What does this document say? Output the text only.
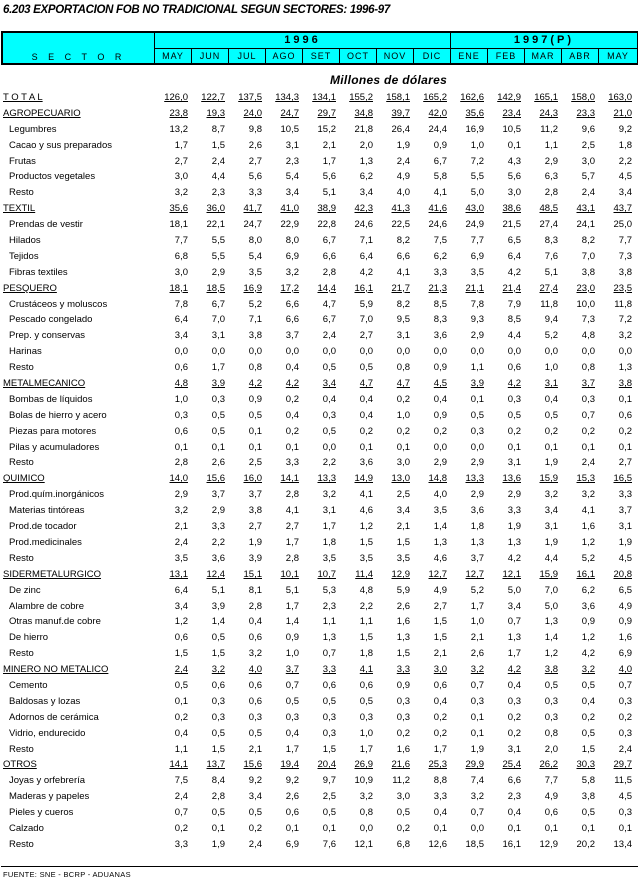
6.203 EXPORTACION FOB NO TRADICIONAL SEGUN SECTORES: 1996-97
S E C T O R
1996
MAY	JUN	JUL	AGO	SET	OCT	NOV	DIC
1997(P)
ENE	FEB	MAR	ABR	MAY
Millones de dólares
T O T A L	126,0	122,7	137,5	134,3	134,1	155,2	158,1	165,2	162,6	142,9	165,1	158,0	163,0
AGROPECUARIO	23,8	19,3	24,0	24,7	29,7	34,8	39,7	42,0	35,6	23,4	24,3	23,3	21,0
Legumbres	13,2	8,7	9,8	10,5	15,2	21,8	26,4	24,4	16,9	10,5	11,2	9,6	9,2
Cacao y sus preparados	1,7	1,5	2,6	3,1	2,1	2,0	1,9	0,9	1,0	0,1	1,1	2,5	1,8
Frutas	2,7	2,4	2,7	2,3	1,7	1,3	2,4	6,7	7,2	4,3	2,9	3,0	2,2
Productos vegetales	3,0	4,4	5,6	5,4	5,6	6,2	4,9	5,8	5,5	5,6	6,3	5,7	4,5
Resto	3,2	2,3	3,3	3,4	5,1	3,4	4,0	4,1	5,0	3,0	2,8	2,4	3,4
TEXTIL	35,6	36,0	41,7	41,0	38,9	42,3	41,3	41,6	43,0	38,6	48,5	43,1	43,7
Prendas de vestir	18,1	22,1	24,7	22,9	22,8	24,6	22,5	24,6	24,9	21,5	27,4	24,1	25,0
Hilados	7,7	5,5	8,0	8,0	6,7	7,1	8,2	7,5	7,7	6,5	8,3	8,2	7,7
Tejidos	6,8	5,5	5,4	6,9	6,6	6,4	6,6	6,2	6,9	6,4	7,6	7,0	7,3
Fibras textiles	3,0	2,9	3,5	3,2	2,8	4,2	4,1	3,3	3,5	4,2	5,1	3,8	3,8
PESQUERO	18,1	18,5	16,9	17,2	14,4	16,1	21,7	21,3	21,1	21,4	27,4	23,0	23,5
Crustáceos y moluscos	7,8	6,7	5,2	6,6	4,7	5,9	8,2	8,5	7,8	7,9	11,8	10,0	11,8
Pescado congelado	6,4	7,0	7,1	6,6	6,7	7,0	9,5	8,3	9,3	8,5	9,4	7,3	7,2
Prep. y conservas	3,4	3,1	3,8	3,7	2,4	2,7	3,1	3,6	2,9	4,4	5,2	4,8	3,2
Harinas	0,0	0,0	0,0	0,0	0,0	0,0	0,0	0,0	0,0	0,0	0,0	0,0	0,0
Resto	0,6	1,7	0,8	0,4	0,5	0,5	0,8	0,9	1,1	0,6	1,0	0,8	1,3
METALMECANICO	4,8	3,9	4,2	4,2	3,4	4,7	4,7	4,5	3,9	4,2	3,1	3,7	3,8
Bombas de líquidos	1,0	0,3	0,9	0,2	0,4	0,4	0,2	0,4	0,1	0,3	0,4	0,3	0,1
Bolas de hierro y acero	0,3	0,5	0,5	0,4	0,3	0,4	1,0	0,9	0,5	0,5	0,5	0,7	0,6
Piezas para motores	0,6	0,5	0,1	0,2	0,5	0,2	0,2	0,2	0,3	0,2	0,2	0,2	0,2
Pilas y acumuladores	0,1	0,1	0,1	0,1	0,0	0,1	0,1	0,0	0,0	0,1	0,1	0,1	0,1
Resto	2,8	2,6	2,5	3,3	2,2	3,6	3,0	2,9	2,9	3,1	1,9	2,4	2,7
QUIMICO	14,0	15,6	16,0	14,1	13,3	14,9	13,0	14,8	13,3	13,6	15,9	15,3	16,5
Prod.quím.inorgánicos	2,9	3,7	3,7	2,8	3,2	4,1	2,5	4,0	2,9	2,9	3,2	3,2	3,3
Materias tintóreas	3,2	2,9	3,8	4,1	3,1	4,6	3,4	3,5	3,6	3,3	3,4	4,1	3,7
Prod.de tocador	2,1	3,3	2,7	2,7	1,7	1,2	2,1	1,4	1,8	1,9	3,1	1,6	3,1
Prod.medicinales	2,4	2,2	1,9	1,7	1,8	1,5	1,5	1,3	1,3	1,3	1,9	1,2	1,9
Resto	3,5	3,6	3,9	2,8	3,5	3,5	3,5	4,6	3,7	4,2	4,4	5,2	4,5
SIDERMETALURGICO	13,1	12,4	15,1	10,1	10,7	11,4	12,9	12,7	12,7	12,1	15,9	16,1	20,8
De zinc	6,4	5,1	8,1	5,1	5,3	4,8	5,9	4,9	5,2	5,0	7,0	6,2	6,5
Alambre de cobre	3,4	3,9	2,8	1,7	2,3	2,2	2,6	2,7	1,7	3,4	5,0	3,6	4,9
Otras manuf.de cobre	1,2	1,4	0,4	1,4	1,1	1,1	1,6	1,5	1,0	0,7	1,3	0,9	0,9
De hierro	0,6	0,5	0,6	0,9	1,3	1,5	1,3	1,5	2,1	1,3	1,4	1,2	1,6
Resto	1,5	1,5	3,2	1,0	0,7	1,8	1,5	2,1	2,6	1,7	1,2	4,2	6,9
MINERO NO METALICO	2,4	3,2	4,0	3,7	3,3	4,1	3,3	3,0	3,2	4,2	3,8	3,2	4,0
Cemento	0,5	0,6	0,6	0,7	0,6	0,6	0,9	0,6	0,7	0,4	0,5	0,5	0,7
Baldosas y lozas	0,1	0,3	0,6	0,5	0,5	0,5	0,3	0,4	0,3	0,3	0,3	0,4	0,3
Adornos de cerámica	0,2	0,3	0,3	0,3	0,3	0,3	0,3	0,2	0,1	0,2	0,3	0,2	0,2
Vidrio, endurecido	0,4	0,5	0,5	0,4	0,3	1,0	0,2	0,2	0,1	0,2	0,8	0,5	0,3
Resto	1,1	1,5	2,1	1,7	1,5	1,7	1,6	1,7	1,9	3,1	2,0	1,5	2,4
OTROS	14,1	13,7	15,6	19,4	20,4	26,9	21,6	25,3	29,9	25,4	26,2	30,3	29,7
Joyas y orfebrería	7,5	8,4	9,2	9,2	9,7	10,9	11,2	8,8	7,4	6,6	7,7	5,8	11,5
Maderas y papeles	2,4	2,8	3,4	2,6	2,5	3,2	3,0	3,3	3,2	2,3	4,9	3,8	4,5
Pieles y cueros	0,7	0,5	0,5	0,6	0,5	0,8	0,5	0,4	0,7	0,4	0,6	0,5	0,3
Calzado	0,2	0,1	0,2	0,1	0,1	0,0	0,2	0,1	0,0	0,1	0,1	0,1	0,1
Resto	3,3	1,9	2,4	6,9	7,6	12,1	6,8	12,6	18,5	16,1	12,9	20,2	13,4
FUENTE: SNE - BCRP - ADUANAS
